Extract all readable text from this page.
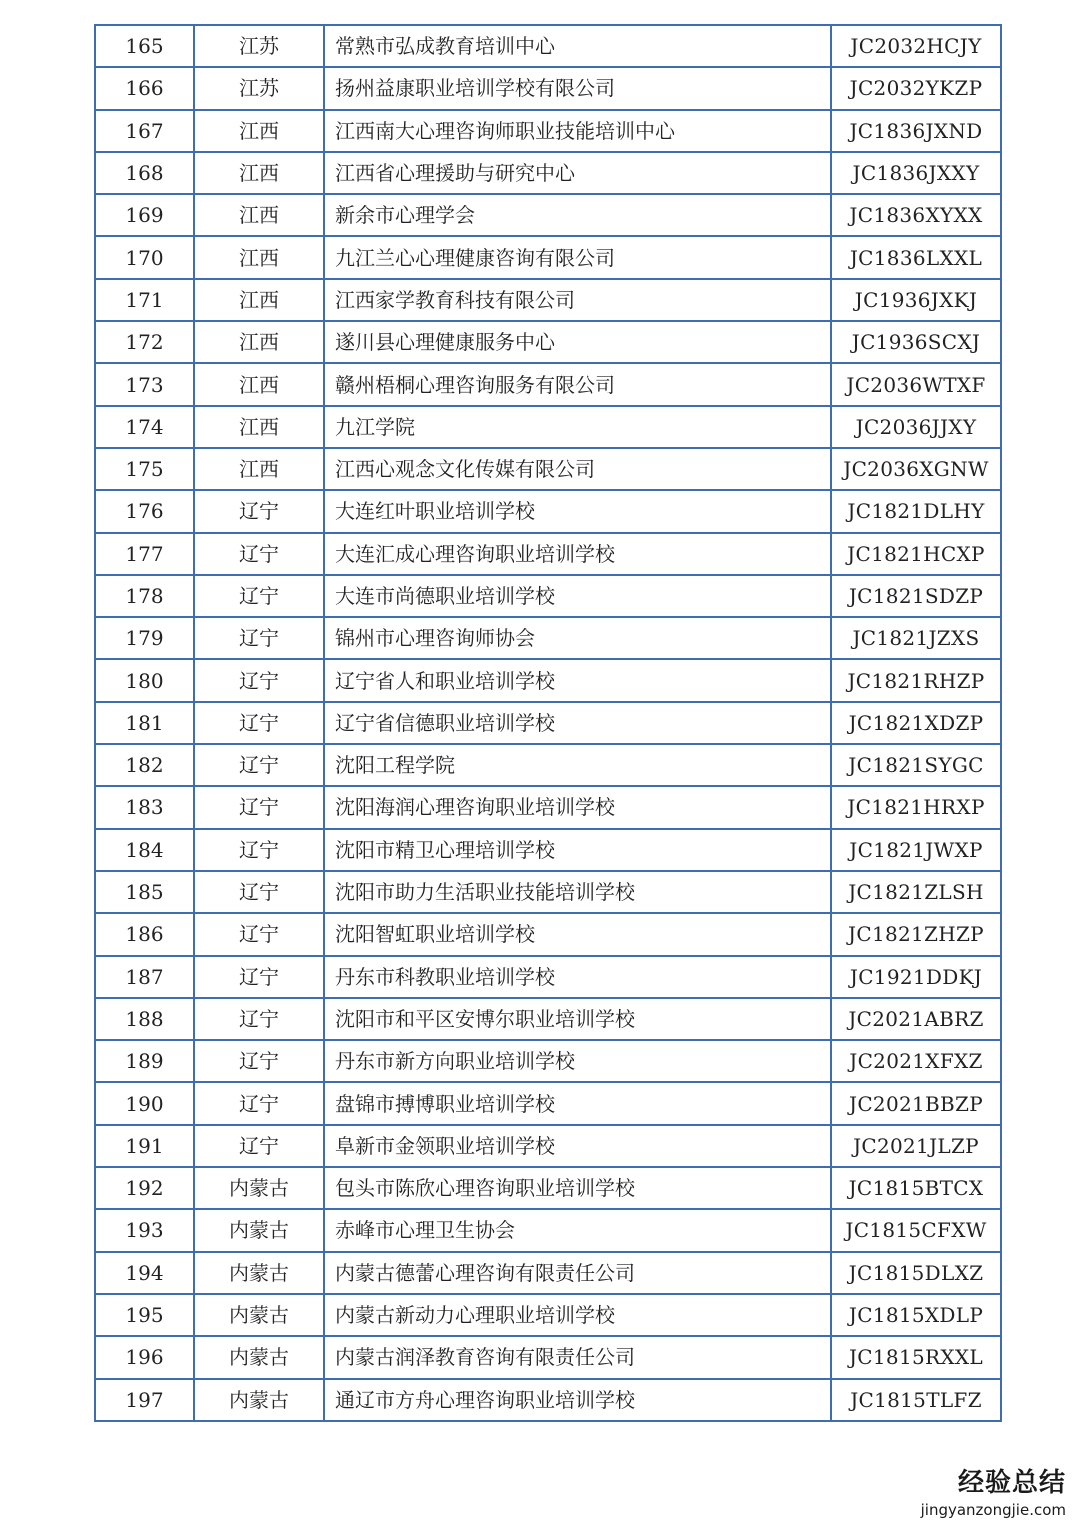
165	江苏	常熟市弘成教育培训中心	JC2032HCJY
166	江苏	扬州益康职业培训学校有限公司	JC2032YKZP
167	江西	江西南大心理咨询师职业技能培训中心	JC1836JXND
168	江西	江西省心理援助与研究中心	JC1836JXXY
169	江西	新余市心理学会	JC1836XYXX
170	江西	九江兰心心理健康咨询有限公司	JC1836LXXL
171	江西	江西家学教育科技有限公司	JC1936JXKJ
172	江西	遂川县心理健康服务中心	JC1936SCXJ
173	江西	赣州梧桐心理咨询服务有限公司	JC2036WTXF
174	江西	九江学院	JC2036JJXY
175	江西	江西心观念文化传媒有限公司	JC2036XGNW
176	辽宁	大连红叶职业培训学校	JC1821DLHY
177	辽宁	大连汇成心理咨询职业培训学校	JC1821HCXP
178	辽宁	大连市尚德职业培训学校	JC1821SDZP
179	辽宁	锦州市心理咨询师协会	JC1821JZXS
180	辽宁	辽宁省人和职业培训学校	JC1821RHZP
181	辽宁	辽宁省信德职业培训学校	JC1821XDZP
182	辽宁	沈阳工程学院	JC1821SYGC
183	辽宁	沈阳海润心理咨询职业培训学校	JC1821HRXP
184	辽宁	沈阳市精卫心理培训学校	JC1821JWXP
185	辽宁	沈阳市助力生活职业技能培训学校	JC1821ZLSH
186	辽宁	沈阳智虹职业培训学校	JC1821ZHZP
187	辽宁	丹东市科教职业培训学校	JC1921DDKJ
188	辽宁	沈阳市和平区安博尔职业培训学校	JC2021ABRZ
189	辽宁	丹东市新方向职业培训学校	JC2021XFXZ
190	辽宁	盘锦市搏博职业培训学校	JC2021BBZP
191	辽宁	阜新市金领职业培训学校	JC2021JLZP
192	内蒙古	包头市陈欣心理咨询职业培训学校	JC1815BTCX
193	内蒙古	赤峰市心理卫生协会	JC1815CFXW
194	内蒙古	内蒙古德蕾心理咨询有限责任公司	JC1815DLXZ
195	内蒙古	内蒙古新动力心理职业培训学校	JC1815XDLP
196	内蒙古	内蒙古润泽教育咨询有限责任公司	JC1815RXXL
197	内蒙古	通辽市方舟心理咨询职业培训学校	JC1815TLFZ
经验总结
jingyanzongjie.com
